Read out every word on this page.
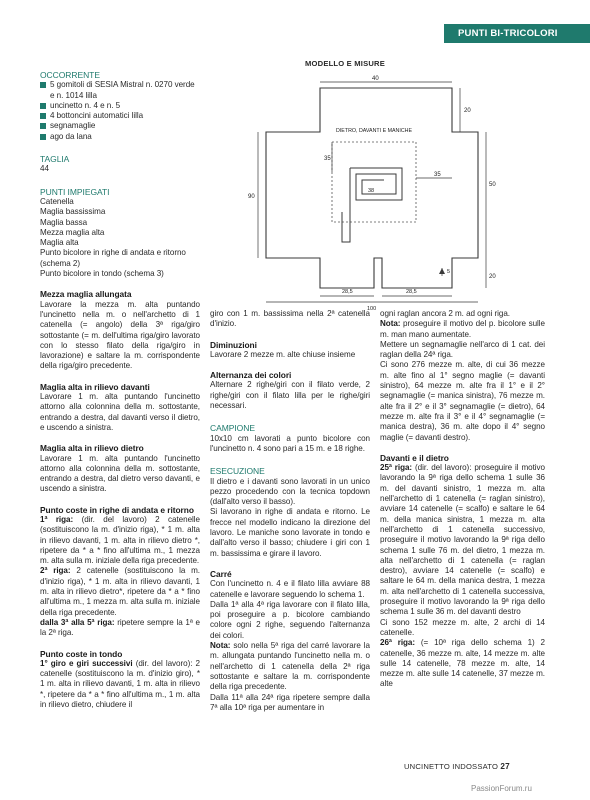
PUNTI BI-TRICOLORI
OCCORRENTE
5 gomitoli di SESIA Mistral n. 0270 verde e n. 1014 lilla
uncinetto n. 4 e n. 5
4 bottoncini automatici lilla
segnamaglie
ago da lana
TAGLIA
44
PUNTI IMPIEGATI
Catenella
Maglia bassissima
Maglia bassa
Mezza maglia alta
Maglia alta
Punto bicolore in righe di andata e ritorno (schema 2)
Punto bicolore in tondo (schema 3)
Mezza maglia allungata
Lavorare la mezza m. alta puntando l'uncinetto nella m. o nell'archetto di 1 catenella (= angolo) della 3ª riga/giro sottostante (= m. dell'ultima riga/giro lavorato con lo stesso filato della riga/giro in lavorazione) e saltare la m. corrispondente della riga/giro precedente.
Maglia alta in rilievo davanti
Lavorare 1 m. alta puntando l'uncinetto attorno alla colonnina della m. sottostante, entrando a destra, dal davanti verso il dietro, e uscendo a sinistra.
Maglia alta in rilievo dietro
Lavorare 1 m. alta puntando l'uncinetto attorno alla colonnina della m. sottostante, entrando a destra, dal dietro verso davanti, e uscendo a sinistra.
Punto coste in righe di andata e ritorno
1ª riga: (dir. del lavoro) 2 catenelle (sostituiscono la m. d'inizio riga), * 1 m. alta in rilievo davanti, 1 m. alta in rilievo dietro *, ripetere da * a * fino all'ultima m., 1 mezza m. alta sulla m. iniziale della riga precedente.
2ª riga: 2 catenelle (sostituiscono la m. d'inizio riga), * 1 m. alta in rilievo davanti, 1 m. alta in rilievo dietro*, ripetere da * a * fino all'ultima m., 1 mezza m. alta sulla m. iniziale della riga precedente.
dalla 3ª alla 5ª riga: ripetere sempre la 1ª e la 2ª riga.
Punto coste in tondo
1° giro e giri successivi (dir. del lavoro): 2 catenelle (sostituiscono la m. d'inizio giro), * 1 m. alta in rilievo davanti, 1 m. alta in rilievo *, ripetere da * a * fino all'ultima m., 1 m. alta in rilievo dietro, chiudere il
MODELLO E MISURE
40
20
90
50
20
35
35
38
DIETRO, DAVANTI E MANICHE
28,5	28,5
100
5
giro con 1 m. bassissima nella 2ª catenella d'inizio.
Diminuzioni
Lavorare 2 mezze m. alte chiuse insieme
Alternanza dei colori
Alternare 2 righe/giri con il filato verde, 2 righe/giri con il filato lilla per le righe/giri necessari.
CAMPIONE
10x10 cm lavorati a punto bicolore con l'uncinetto n. 4 sono pari a 15 m. e 18 righe.
ESECUZIONE
Il dietro e i davanti sono lavorati in un unico pezzo procedendo con la tecnica topdown (dall'alto verso il basso).
Si lavorano in righe di andata e ritorno. Le frecce nel modello indicano la direzione del lavoro. Le maniche sono lavorate in tondo e dall'alto verso il basso; chiudere i giri con 1 m. bassissima e girare il lavoro.
Carré
Con l'uncinetto n. 4 e il filato lilla avviare 88 catenelle e lavorare seguendo lo schema 1.
Dalla 1ª alla 4ª riga lavorare con il filato lilla, poi proseguire a p. bicolore cambiando colore ogni 2 righe, seguendo l'alternanza dei colori.
Nota: solo nella 5ª riga del carré lavorare la m. allungata puntando l'uncinetto nella m. o nell'archetto di 1 catenella della 2ª riga sottostante e saltare la m. corrispondente della riga precedente.
Dalla 11ª alla 24ª riga ripetere sempre dalla 7ª alla 10ª riga per aumentare in
ogni raglan ancora 2 m. ad ogni riga.
Nota: proseguire il motivo del p. bicolore sulle m. man mano aumentate.
Mettere un segnamaglie nell'arco di 1 cat. dei raglan della 24ª riga.
Ci sono 276 mezze m. alte, di cui 36 mezze m. alte fino al 1° segno maglie (= davanti sinistro), 64 mezze m. alte fra il 1° e il 2° segnamaglie (= manica sinistra), 76 mezze m. alte fra il 2° e il 3° segnamaglie (= dietro), 64 mezze m. alte fra il 3° e il 4° segnamaglie (= manica destra), 36 m. alte dopo il 4° segno maglie (= davanti destro).
Davanti e il dietro
25ª riga: (dir. del lavoro): proseguire il motivo lavorando la 9ª riga dello schema 1 sulle 36 m. del davanti sinistro, 1 mezza m. alta nell'archetto di 1 catenella (= raglan sinistro), avviare 14 catenelle (= scalfo) e saltare le 64 m. della manica sinistra, 1 mezza m. alta nell'archetto di 1 catenella successivo, proseguire il motivo lavorando la 9ª riga dello schema 1 sulle 76 m. del dietro, 1 mezza m. alta nell'archetto di 1 catenella (= raglan destro), avviare 14 catenelle (= scalfo) e saltare le 64 m. della manica destra, 1 mezza m. alta nell'archetto di 1 catenella successiva, proseguire il motivo lavorando la 9ª riga dello schema 1 sulle 36 m. del davanti destro
Ci sono 152 mezze m. alte, 2 archi di 14 catenelle.
26ª riga: (= 10ª riga dello schema 1) 2 catenelle, 36 mezze m. alte, 14 mezze m. alte sulle 14 catenelle, 78 mezze m. alte, 14 mezze m. alte sulle 14 catenelle, 37 mezze m. alte
UNCINETTO INDOSSATO 27
PassionForum.ru
